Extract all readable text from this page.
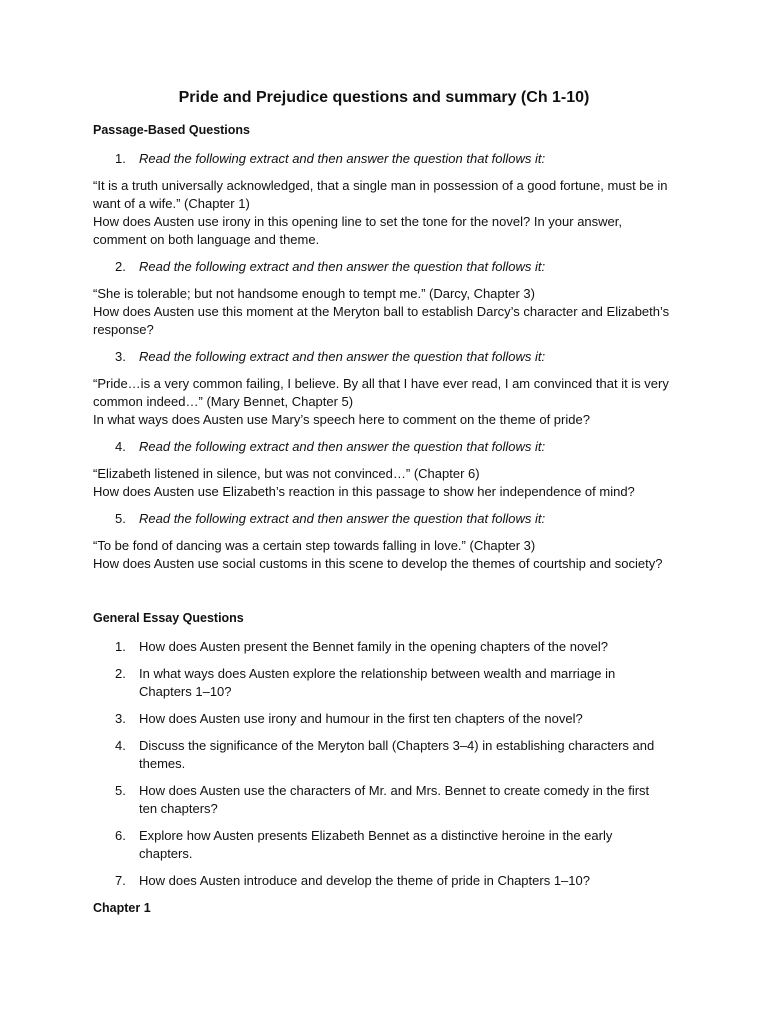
Pride and Prejudice questions and summary (Ch 1-10)
Passage-Based Questions
1.	Read the following extract and then answer the question that follows it:

“It is a truth universally acknowledged, that a single man in possession of a good fortune, must be in want of a wife.” (Chapter 1)

How does Austen use irony in this opening line to set the tone for the novel? In your answer, comment on both language and theme.

2.	Read the following extract and then answer the question that follows it:

“She is tolerable; but not handsome enough to tempt me.” (Darcy, Chapter 3)

How does Austen use this moment at the Meryton ball to establish Darcy’s character and Elizabeth’s response?

3.	Read the following extract and then answer the question that follows it:

“Pride…is a very common failing, I believe. By all that I have ever read, I am convinced that it is very common indeed…” (Mary Bennet, Chapter 5)

In what ways does Austen use Mary’s speech here to comment on the theme of pride?

4.	Read the following extract and then answer the question that follows it:

“Elizabeth listened in silence, but was not convinced…” (Chapter 6)

How does Austen use Elizabeth’s reaction in this passage to show her independence of mind?

5.	Read the following extract and then answer the question that follows it:

“To be fond of dancing was a certain step towards falling in love.” (Chapter 3)

How does Austen use social customs in this scene to develop the themes of courtship and society?

General Essay Questions
1.	How does Austen present the Bennet family in the opening chapters of the novel?
2.	In what ways does Austen explore the relationship between wealth and marriage in Chapters 1–10?
3.	How does Austen use irony and humour in the first ten chapters of the novel?
4.	Discuss the significance of the Meryton ball (Chapters 3–4) in establishing characters and themes.
5.	How does Austen use the characters of Mr. and Mrs. Bennet to create comedy in the first ten chapters?
6.	Explore how Austen presents Elizabeth Bennet as a distinctive heroine in the early chapters.
7.	How does Austen introduce and develop the theme of pride in Chapters 1–10?
Chapter 1
